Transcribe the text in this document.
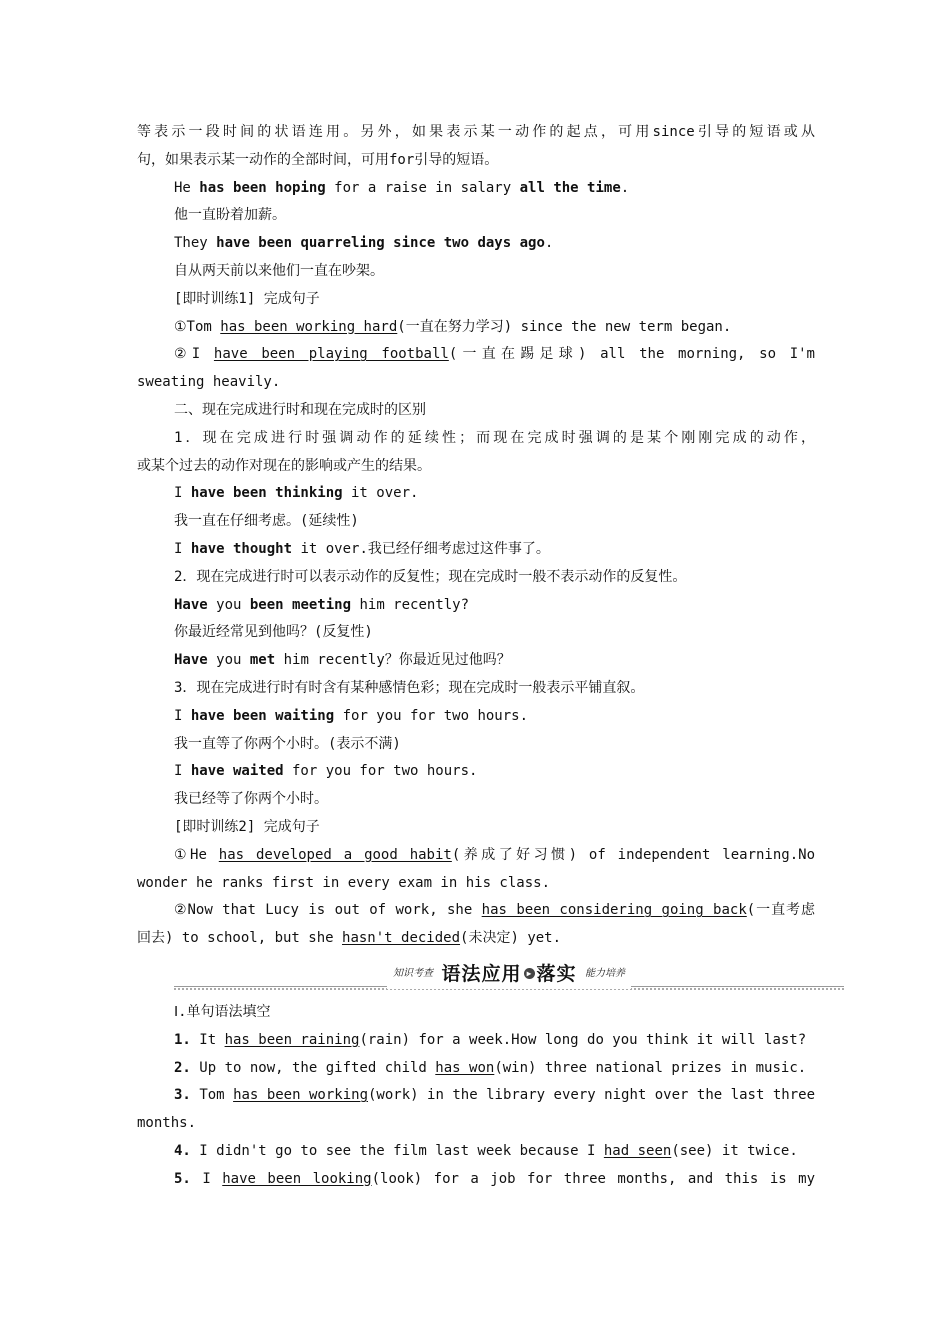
等表示一段时间的状语连用。另外，如果表示某一动作的起点，可用since引导的短语或从

句，如果表示某一动作的全部时间，可用for引导的短语。

He has been hoping for a raise in salary all the time.

他一直盼着加薪。

They have been quarreling since two days ago.

自从两天前以来他们一直在吵架。

[即时训练1] 完成句子

①Tom has been working hard(一直在努力学习) since the new term began.

②I have been playing football(一直在踢足球) all the morning, so I'm

sweating heavily.

二、现在完成进行时和现在完成时的区别

1．现在完成进行时强调动作的延续性；而现在完成时强调的是某个刚刚完成的动作，

或某个过去的动作对现在的影响或产生的结果。

I have been thinking it over.

我一直在仔细考虑。(延续性)

I have thought it over.我已经仔细考虑过这件事了。

2．现在完成进行时可以表示动作的反复性；现在完成时一般不表示动作的反复性。

Have you been meeting him recently?

你最近经常见到他吗？(反复性)

Have you met him recently？你最近见过他吗？

3．现在完成进行时有时含有某种感情色彩；现在完成时一般表示平铺直叙。

I have been waiting for you for two hours.

我一直等了你两个小时。(表示不满)

I have waited for you for two hours.

我已经等了你两个小时。

[即时训练2] 完成句子

①He has developed a good habit(养成了好习惯) of independent learning.No

wonder he ranks first in every exam in his class.

②Now that Lucy is out of work, she has been considering going back(一直考虑

回去) to school, but she hasn't decided(未决定) yet.

知识考查 语法应用 ▶ 落实 能力培养

Ⅰ.单句语法填空

1. It has been raining(rain) for a week.How long do you think it will last?

2. Up to now, the gifted child has won(win) three national prizes in music.

3. Tom has been working(work) in the library every night over the last three

months.

4. I didn't go to see the film last week because I had seen(see) it twice.

5. I have been looking(look) for a job for three months, and this is my
